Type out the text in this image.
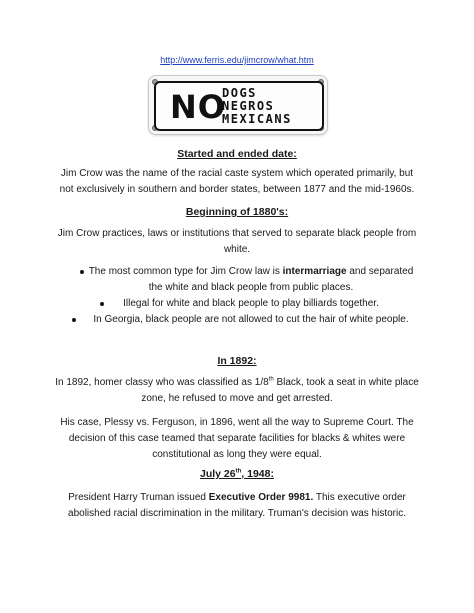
http://www.ferris.edu/jimcrow/what.htm
NO
DOGS
NEGROS
MEXICANS
Started and ended date:
Jim Crow was the name of the racial caste system which operated primarily, but not exclusively in southern and border states, between 1877 and the mid-1960s.
Beginning of 1880's:
Jim Crow practices, laws or institutions that served to separate black people from white.
The most common type for Jim Crow law is intermarriage and separated the white and black people from public places.
Illegal for white and black people to play billiards together.
In Georgia, black people are not allowed to cut the hair of white people.
In 1892:
In 1892, homer classy who was classified as 1/8th Black, took a seat in white place zone, he refused to move and get arrested.
His case, Plessy vs. Ferguson, in 1896, went all the way to Supreme Court. The decision of this case teamed that separate facilities for blacks & whites were constitutional as long they were equal.
July 26th, 1948:
President Harry Truman issued Executive Order 9981. This executive order abolished racial discrimination in the military. Truman's decision was historic.
